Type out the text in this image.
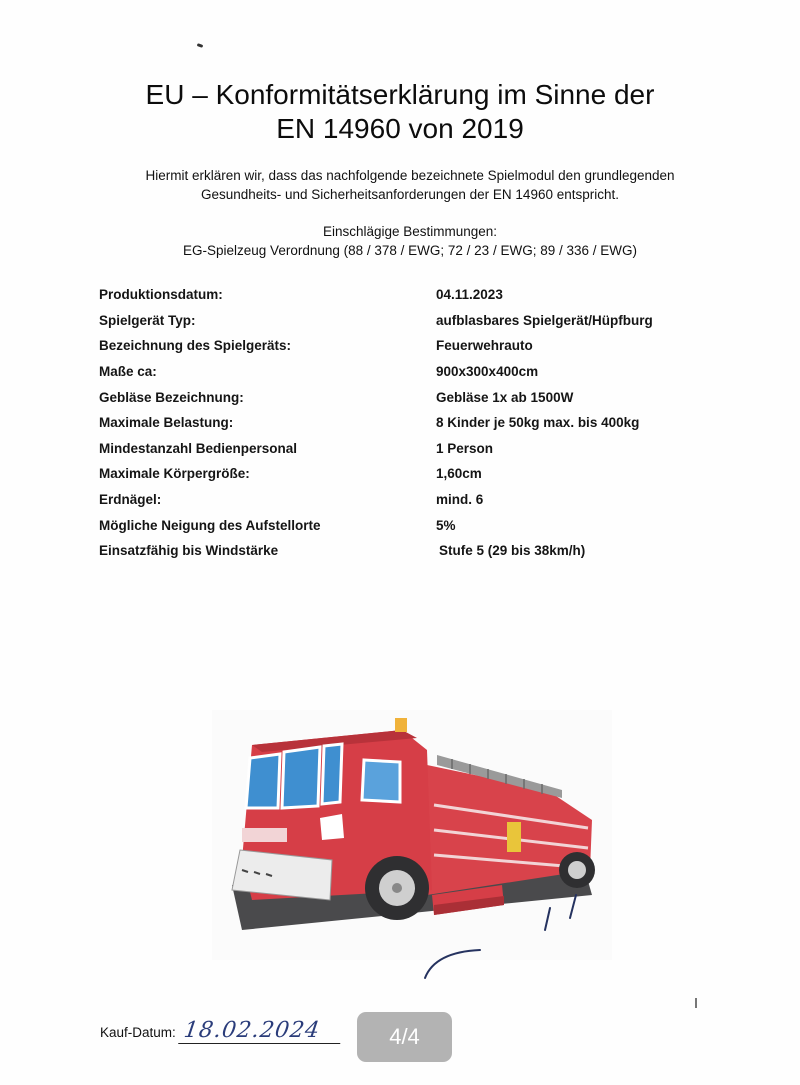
EU – Konformitätserklärung im Sinne der
EN 14960 von 2019
Hiermit erklären wir, dass das nachfolgende bezeichnete Spielmodul den grundlegenden
Gesundheits- und Sicherheitsanforderungen der EN 14960 entspricht.
Einschlägige Bestimmungen:
EG-Spielzeug Verordnung (88 / 378 / EWG; 72 / 23 / EWG; 89 / 336 / EWG)
Produktionsdatum:	04.11.2023
Spielgerät Typ:	aufblasbares Spielgerät/Hüpfburg
Bezeichnung des Spielgeräts:	Feuerwehrauto
Maße ca:	900x300x400cm
Gebläse Bezeichnung:	Gebläse 1x ab 1500W
Maximale Belastung:	8 Kinder je 50kg max. bis 400kg
Mindestanzahl Bedienpersonal	1 Person
Maximale Körpergröße:	1,60cm
Erdnägel:	mind. 6
Mögliche Neigung des Aufstellorte	5%
Einsatzfähig bis Windstärke	Stufe 5 (29 bis 38km/h)
Kauf-Datum: 18.02.2024	4/4
